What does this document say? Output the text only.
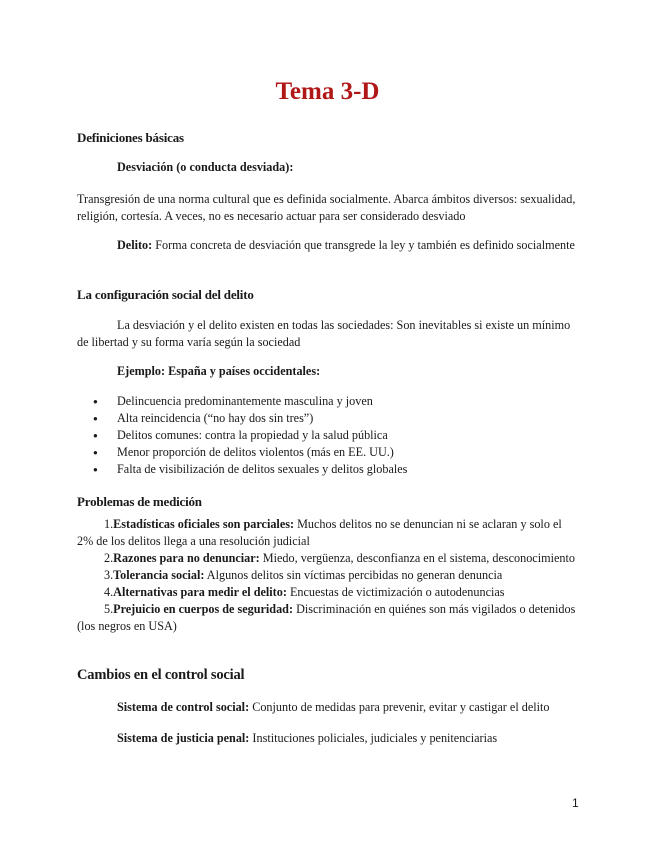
Tema 3-D
Definiciones básicas
Desviación (o conducta desviada):
Transgresión de una norma cultural que es definida socialmente. Abarca ámbitos diversos: sexualidad, religión, cortesía. A veces, no es necesario actuar para ser considerado desviado
Delito: Forma concreta de desviación que transgrede la ley y también es definido socialmente
La configuración social del delito
La desviación y el delito existen en todas las sociedades: Son inevitables si existe un mínimo de libertad y su forma varía según la sociedad
Ejemplo: España y países occidentales:
● Delincuencia predominantemente masculina y joven
● Alta reincidencia (“no hay dos sin tres”)
● Delitos comunes: contra la propiedad y la salud pública
● Menor proporción de delitos violentos (más en EE. UU.)
● Falta de visibilización de delitos sexuales y delitos globales
Problemas de medición
1.Estadísticas oficiales son parciales: Muchos delitos no se denuncian ni se aclaran y solo el 2% de los delitos llega a una resolución judicial
2.Razones para no denunciar: Miedo, vergüenza, desconfianza en el sistema, desconocimiento
3.Tolerancia social: Algunos delitos sin víctimas percibidas no generan denuncia
4.Alternativas para medir el delito: Encuestas de victimización o autodenuncias
5.Prejuicio en cuerpos de seguridad: Discriminación en quiénes son más vigilados o detenidos (los negros en USA)
Cambios en el control social
Sistema de control social: Conjunto de medidas para prevenir, evitar y castigar el delito
Sistema de justicia penal: Instituciones policiales, judiciales y penitenciarias
1
